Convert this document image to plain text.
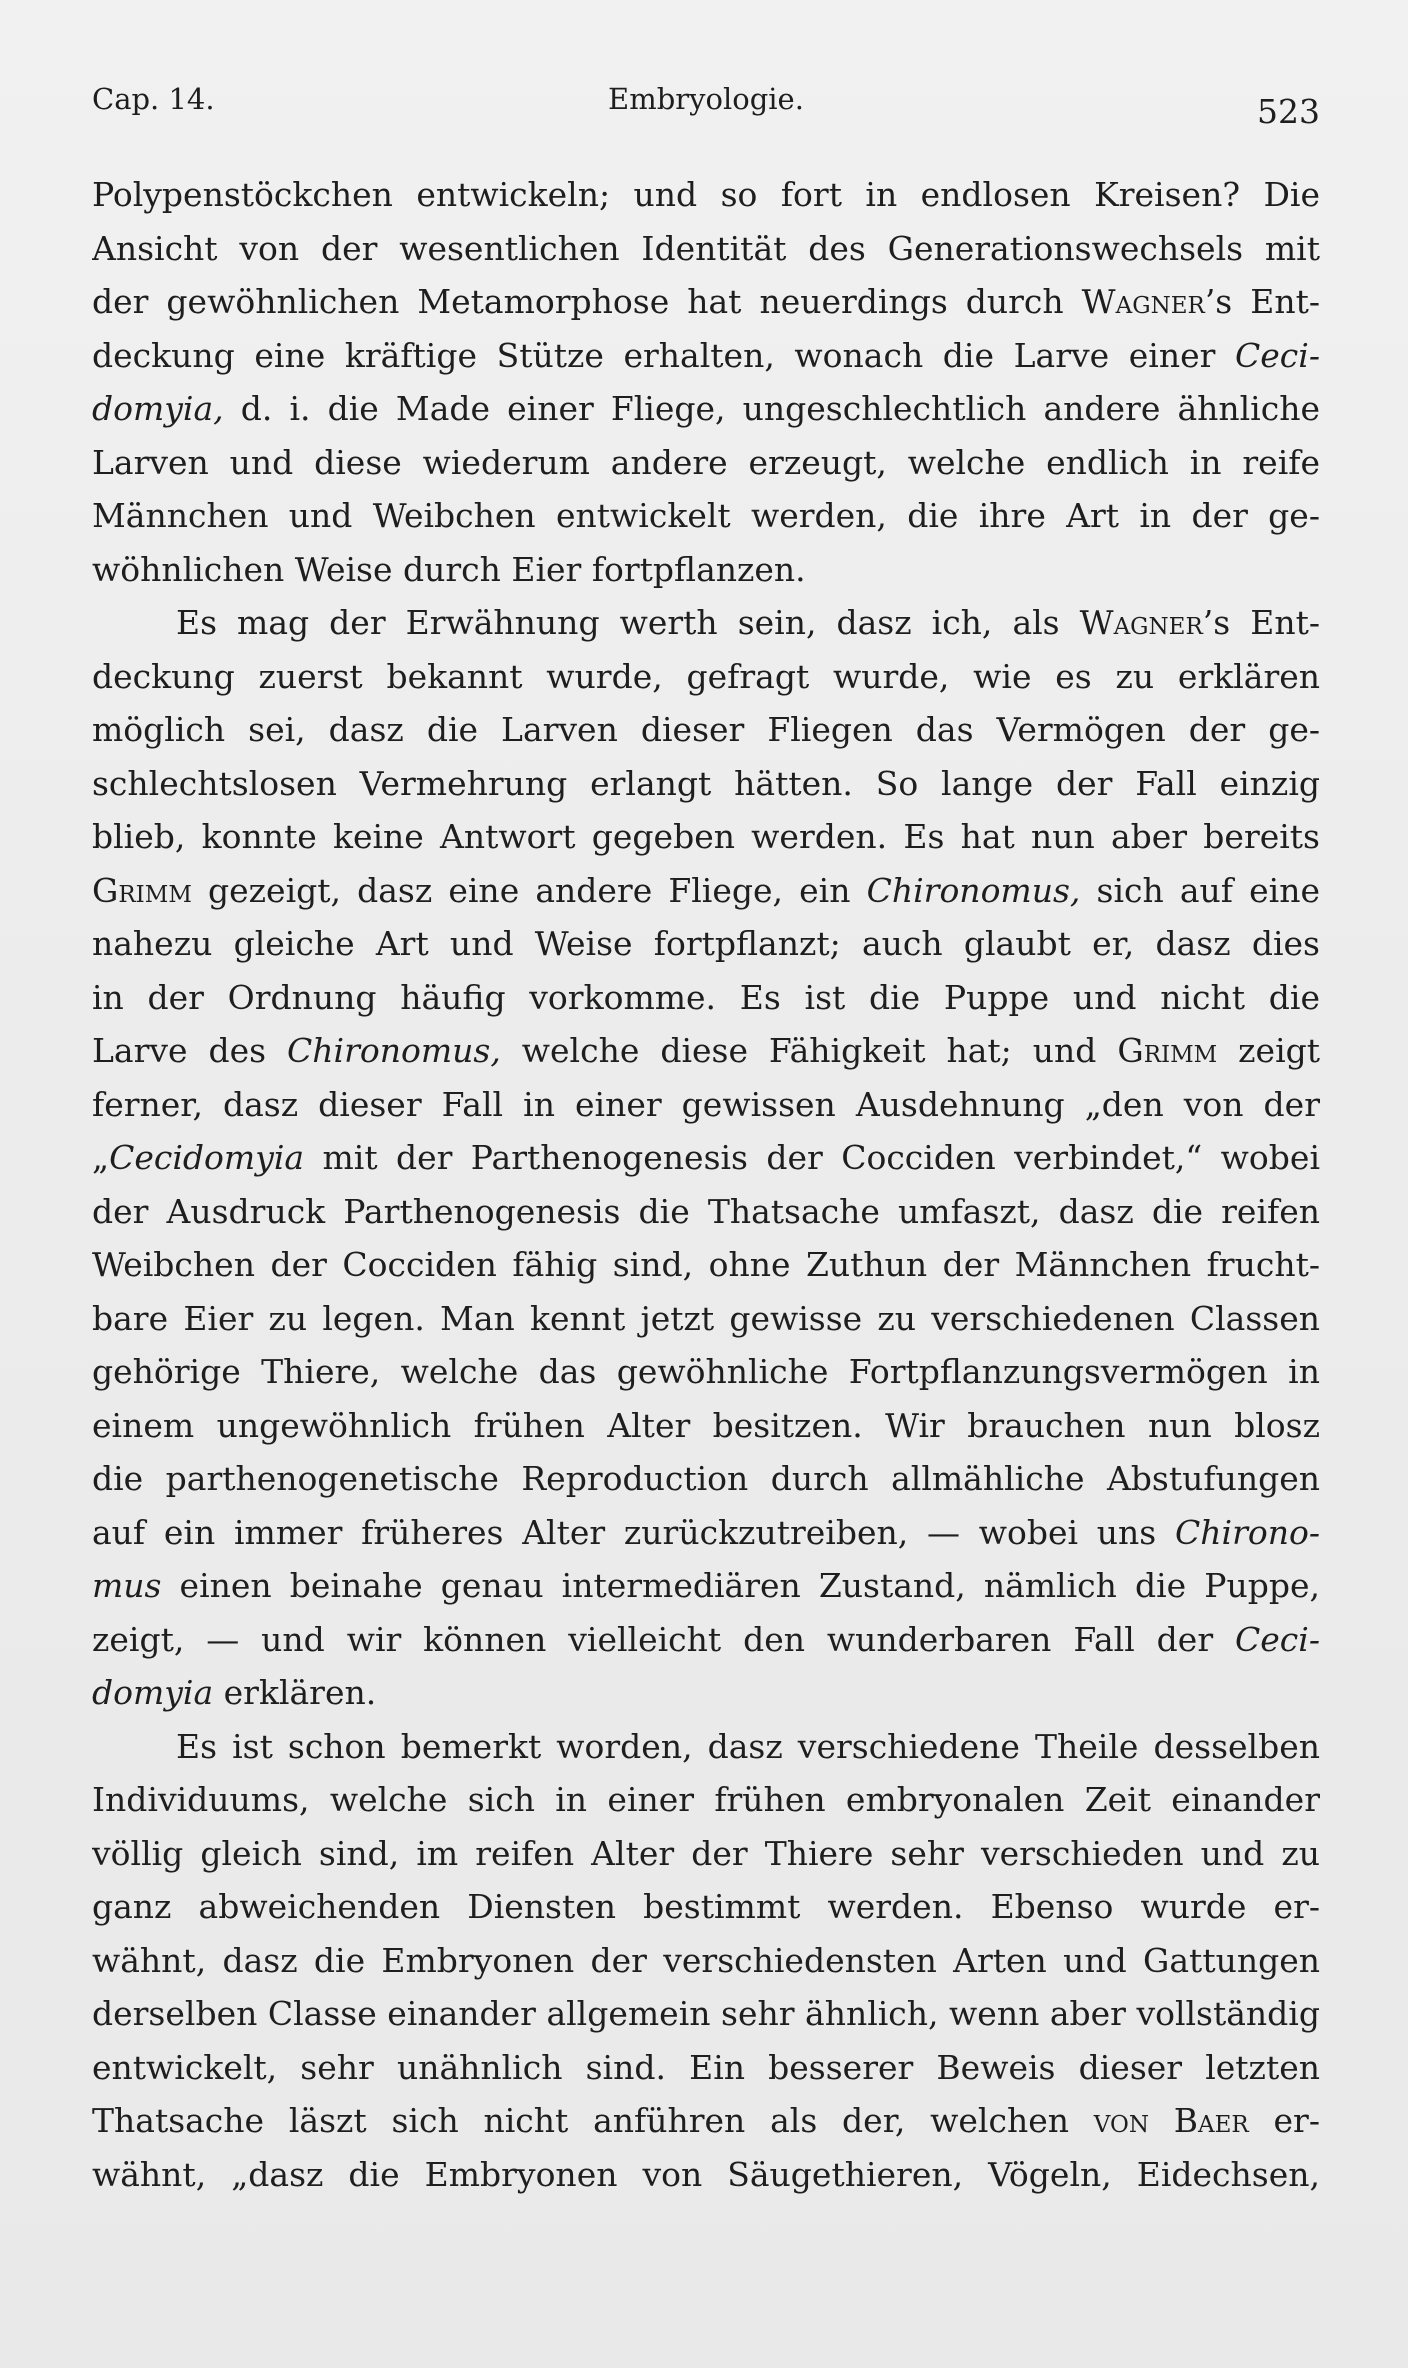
Cap. 14.	Embryologie.	523
Polypenstöckchen entwickeln; und so fort in endlosen Kreisen? Die
Ansicht von der wesentlichen Identität des Generationswechsels mit
der gewöhnlichen Metamorphose hat neuerdings durch Wagner’s Ent-
deckung eine kräftige Stütze erhalten, wonach die Larve einer Ceci-
domyia, d. i. die Made einer Fliege, ungeschlechtlich andere ähnliche
Larven und diese wiederum andere erzeugt, welche endlich in reife
Männchen und Weibchen entwickelt werden, die ihre Art in der ge-
wöhnlichen Weise durch Eier fortpflanzen.
Es mag der Erwähnung werth sein, dasz ich, als Wagner’s Ent-
deckung zuerst bekannt wurde, gefragt wurde, wie es zu erklären
möglich sei, dasz die Larven dieser Fliegen das Vermögen der ge-
schlechtslosen Vermehrung erlangt hätten. So lange der Fall einzig
blieb, konnte keine Antwort gegeben werden. Es hat nun aber bereits
Grimm gezeigt, dasz eine andere Fliege, ein Chironomus, sich auf eine
nahezu gleiche Art und Weise fortpflanzt; auch glaubt er, dasz dies
in der Ordnung häufig vorkomme. Es ist die Puppe und nicht die
Larve des Chironomus, welche diese Fähigkeit hat; und Grimm zeigt
ferner, dasz dieser Fall in einer gewissen Ausdehnung „den von der
„Cecidomyia mit der Parthenogenesis der Cocciden verbindet,“ wobei
der Ausdruck Parthenogenesis die Thatsache umfaszt, dasz die reifen
Weibchen der Cocciden fähig sind, ohne Zuthun der Männchen frucht-
bare Eier zu legen. Man kennt jetzt gewisse zu verschiedenen Classen
gehörige Thiere, welche das gewöhnliche Fortpflanzungsvermögen in
einem ungewöhnlich frühen Alter besitzen. Wir brauchen nun blosz
die parthenogenetische Reproduction durch allmähliche Abstufungen
auf ein immer früheres Alter zurückzutreiben, — wobei uns Chirono-
mus einen beinahe genau intermediären Zustand, nämlich die Puppe,
zeigt, — und wir können vielleicht den wunderbaren Fall der Ceci-
domyia erklären.
Es ist schon bemerkt worden, dasz verschiedene Theile desselben
Individuums, welche sich in einer frühen embryonalen Zeit einander
völlig gleich sind, im reifen Alter der Thiere sehr verschieden und zu
ganz abweichenden Diensten bestimmt werden. Ebenso wurde er-
wähnt, dasz die Embryonen der verschiedensten Arten und Gattungen
derselben Classe einander allgemein sehr ähnlich, wenn aber vollständig
entwickelt, sehr unähnlich sind. Ein besserer Beweis dieser letzten
Thatsache läszt sich nicht anführen als der, welchen von Baer er-
wähnt, „dasz die Embryonen von Säugethieren, Vögeln, Eidechsen,
